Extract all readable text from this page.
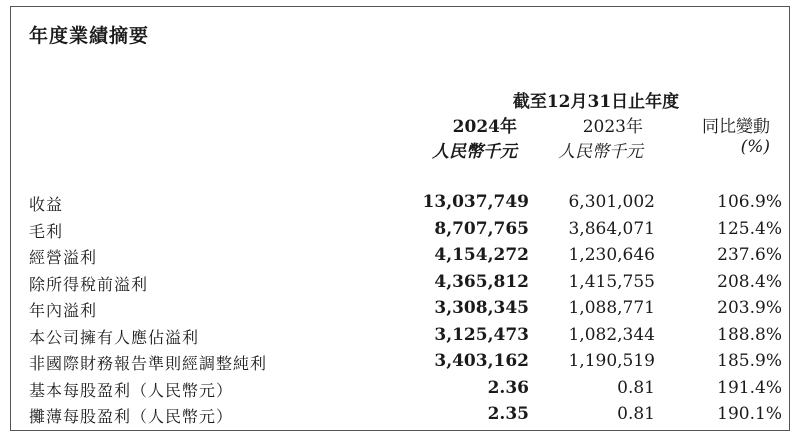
年度業績摘要
截至12月31日止年度
2024年	2023年	同比變動
人民幣千元	人民幣千元	(%)
收益	13,037,749 6,301,002	106.9%
毛利	8,707,765 3,864,071	125.4%
經營溢利	4,154,272 1,230,646	237.6%
除所得稅前溢利	4,365,812 1,415,755	208.4%
年內溢利	3,308,345 1,088,771	203.9%
本公司擁有人應佔溢利	3,125,473 1,082,344	188.8%
非國際財務報告準則經調整純利	3,403,162 1,190,519	185.9%
基本每股盈利（人民幣元）	2.36	0.81	191.4%
攤薄每股盈利（人民幣元）	2.35	0.81	190.1%
